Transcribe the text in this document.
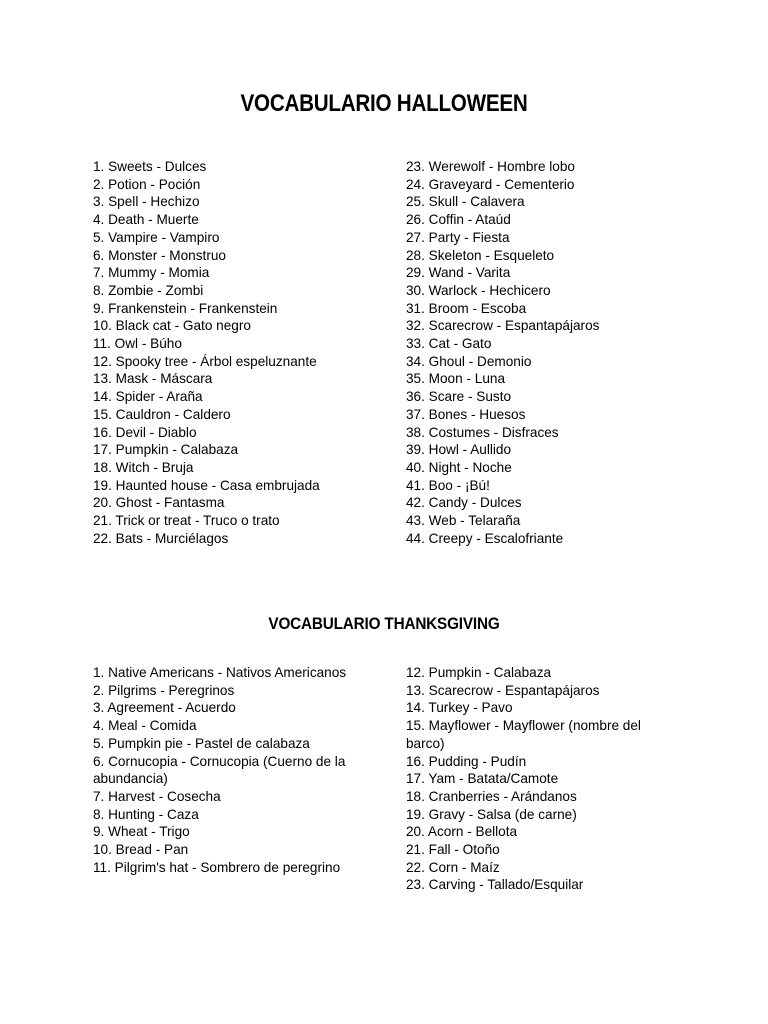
VOCABULARIO HALLOWEEN
1. Sweets - Dulces
2. Potion - Poción
3. Spell - Hechizo
4. Death - Muerte
5. Vampire - Vampiro
6. Monster - Monstruo
7. Mummy - Momia
8. Zombie - Zombi
9. Frankenstein - Frankenstein
10. Black cat - Gato negro
11. Owl - Búho
12. Spooky tree - Árbol espeluznante
13. Mask - Máscara
14. Spider - Araña
15. Cauldron - Caldero
16. Devil - Diablo
17. Pumpkin - Calabaza
18. Witch - Bruja
19. Haunted house - Casa embrujada
20. Ghost - Fantasma
21. Trick or treat - Truco o trato
22. Bats - Murciélagos
23. Werewolf - Hombre lobo
24. Graveyard - Cementerio
25. Skull - Calavera
26. Coffin - Ataúd
27. Party - Fiesta
28. Skeleton - Esqueleto
29. Wand - Varita
30. Warlock - Hechicero
31. Broom - Escoba
32. Scarecrow - Espantapájaros
33. Cat - Gato
34. Ghoul - Demonio
35. Moon - Luna
36. Scare - Susto
37. Bones - Huesos
38. Costumes - Disfraces
39. Howl - Aullido
40. Night - Noche
41. Boo - ¡Bú!
42. Candy - Dulces
43. Web - Telaraña
44. Creepy - Escalofriante
VOCABULARIO THANKSGIVING
1. Native Americans - Nativos Americanos
2. Pilgrims - Peregrinos
3. Agreement - Acuerdo
4. Meal - Comida
5. Pumpkin pie - Pastel de calabaza
6. Cornucopia - Cornucopia (Cuerno de la abundancia)
7. Harvest - Cosecha
8. Hunting - Caza
9. Wheat - Trigo
10. Bread - Pan
11. Pilgrim's hat - Sombrero de peregrino
12. Pumpkin - Calabaza
13. Scarecrow - Espantapájaros
14. Turkey - Pavo
15. Mayflower - Mayflower (nombre del barco)
16. Pudding - Pudín
17. Yam - Batata/Camote
18. Cranberries - Arándanos
19. Gravy - Salsa (de carne)
20. Acorn - Bellota
21. Fall - Otoño
22. Corn - Maíz
23. Carving - Tallado/Esquilar
